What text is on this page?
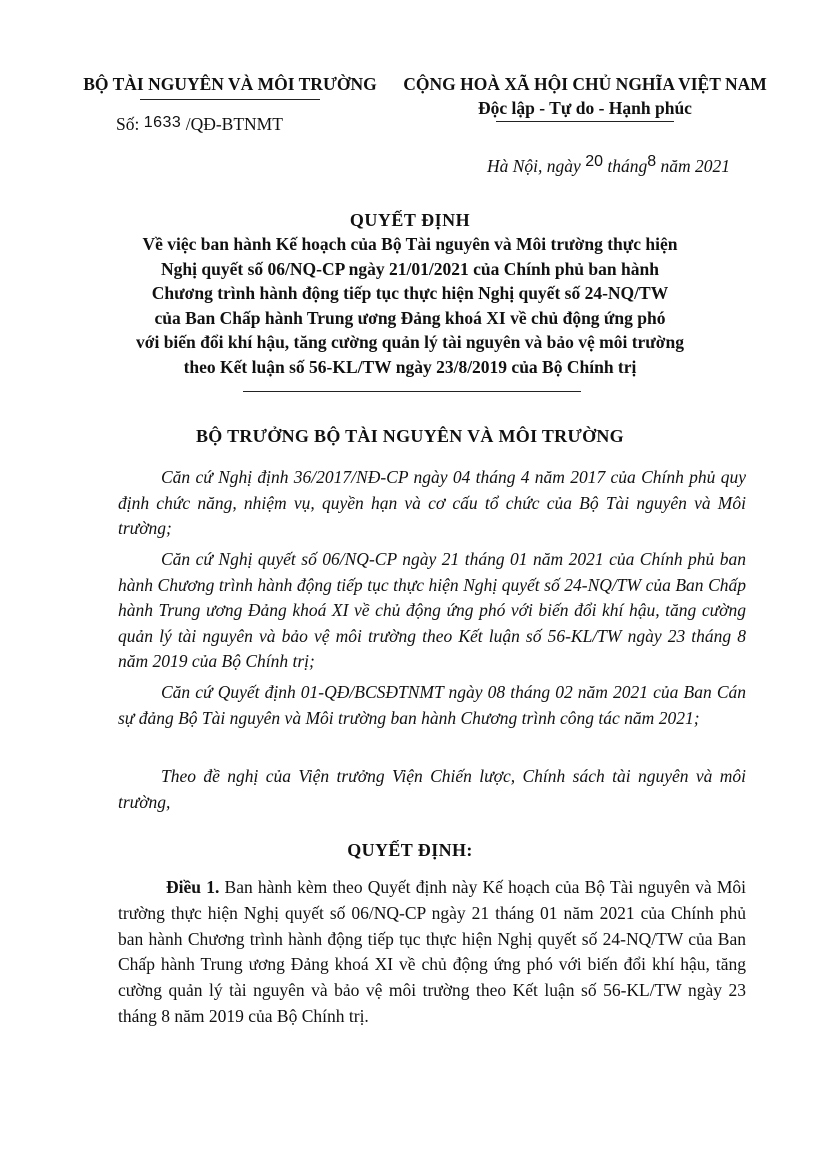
BỘ TÀI NGUYÊN VÀ MÔI TRƯỜNG
Số: 1633 /QĐ-BTNMT
CỘNG HOÀ XÃ HỘI CHỦ NGHĨA VIỆT NAM
Độc lập - Tự do - Hạnh phúc
Hà Nội, ngày 20 tháng8 năm 2021
QUYẾT ĐỊNH
Về việc ban hành Kế hoạch của Bộ Tài nguyên và Môi trường thực hiện
Nghị quyết số 06/NQ-CP ngày 21/01/2021 của Chính phủ ban hành
Chương trình hành động tiếp tục thực hiện Nghị quyết số 24-NQ/TW
của Ban Chấp hành Trung ương Đảng khoá XI về chủ động ứng phó
với biến đổi khí hậu, tăng cường quản lý tài nguyên và bảo vệ môi trường
theo Kết luận số 56-KL/TW ngày 23/8/2019 của Bộ Chính trị
BỘ TRƯỞNG BỘ TÀI NGUYÊN VÀ MÔI TRƯỜNG
Căn cứ Nghị định 36/2017/NĐ-CP ngày 04 tháng 4 năm 2017 của Chính phủ quy định chức năng, nhiệm vụ, quyền hạn và cơ cấu tổ chức của Bộ Tài nguyên và Môi trường;
Căn cứ Nghị quyết số 06/NQ-CP ngày 21 tháng 01 năm 2021 của Chính phủ ban hành Chương trình hành động tiếp tục thực hiện Nghị quyết số 24-NQ/TW của Ban Chấp hành Trung ương Đảng khoá XI về chủ động ứng phó với biến đổi khí hậu, tăng cường quản lý tài nguyên và bảo vệ môi trường theo Kết luận số 56-KL/TW ngày 23 tháng 8 năm 2019 của Bộ Chính trị;
Căn cứ Quyết định 01-QĐ/BCSĐTNMT ngày 08 tháng 02 năm 2021 của Ban Cán sự đảng Bộ Tài nguyên và Môi trường ban hành Chương trình công tác năm 2021;
Theo đề nghị của Viện trưởng Viện Chiến lược, Chính sách tài nguyên và môi trường,
QUYẾT ĐỊNH:
Điều 1. Ban hành kèm theo Quyết định này Kế hoạch của Bộ Tài nguyên và Môi trường thực hiện Nghị quyết số 06/NQ-CP ngày 21 tháng 01 năm 2021 của Chính phủ ban hành Chương trình hành động tiếp tục thực hiện Nghị quyết số 24-NQ/TW của Ban Chấp hành Trung ương Đảng khoá XI về chủ động ứng phó với biến đổi khí hậu, tăng cường quản lý tài nguyên và bảo vệ môi trường theo Kết luận số 56-KL/TW ngày 23 tháng 8 năm 2019 của Bộ Chính trị.
